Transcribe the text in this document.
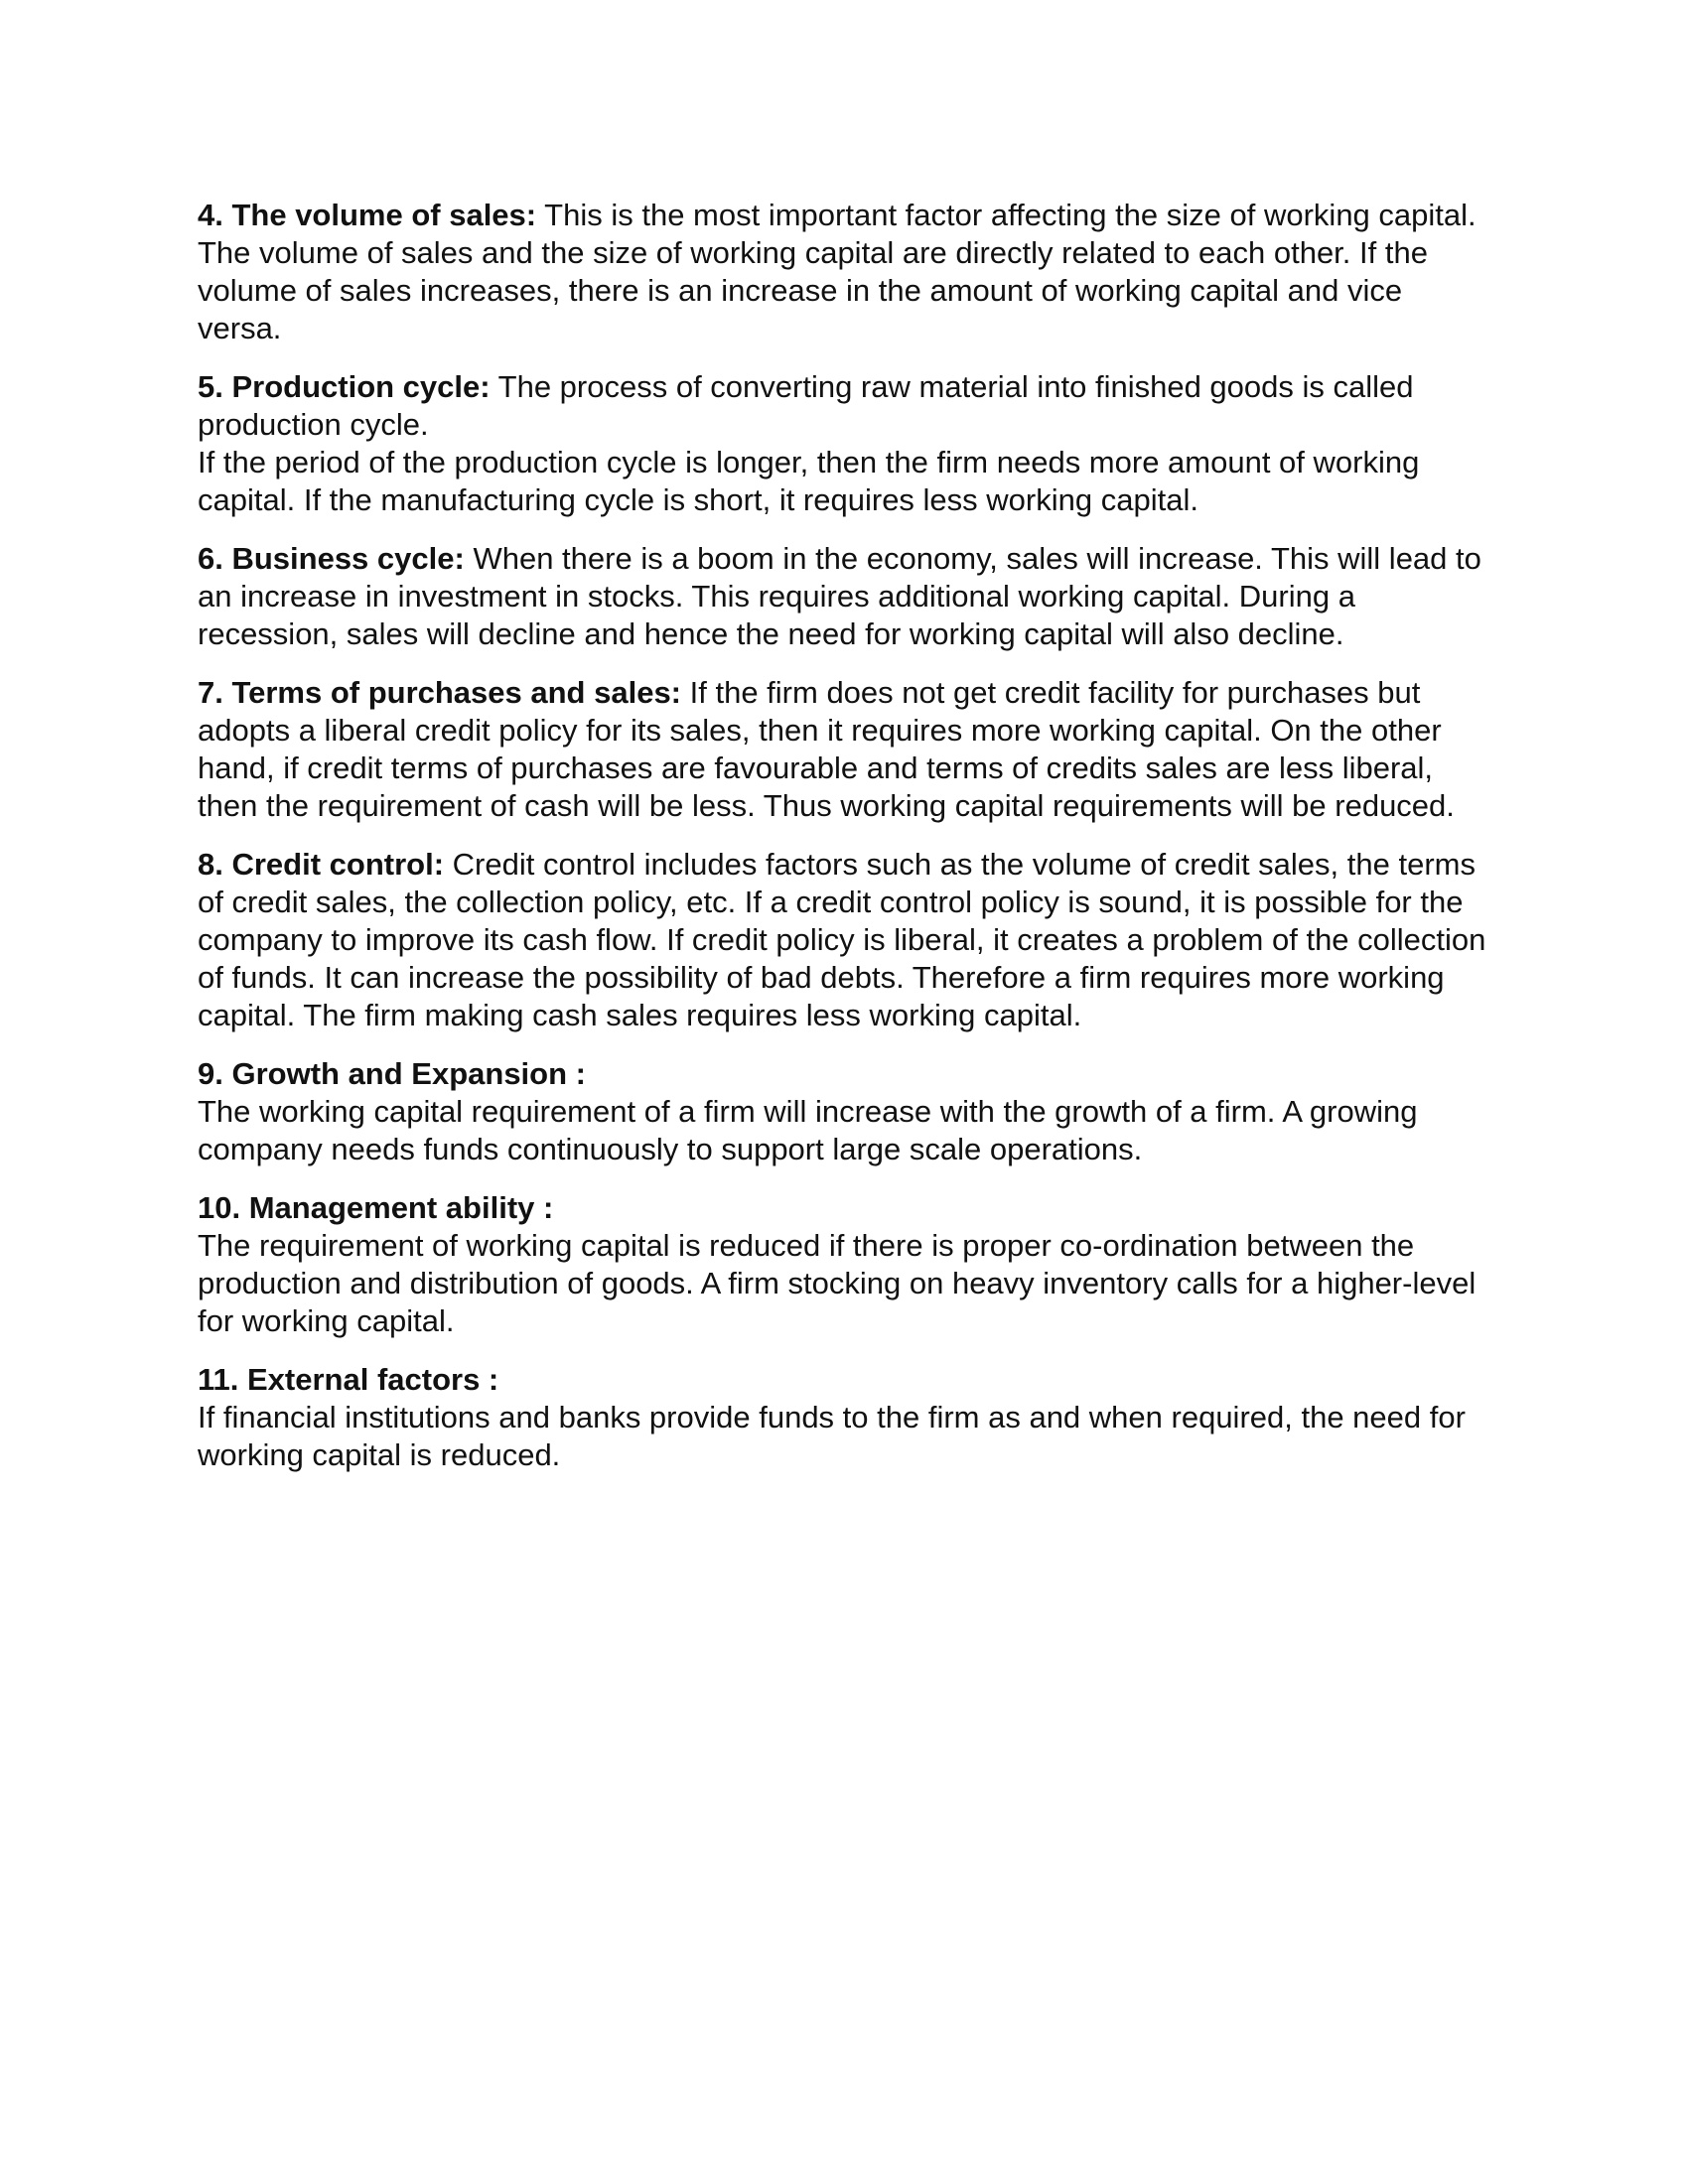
4. The volume of sales: This is the most important factor affecting the size of working capital. The volume of sales and the size of working capital are directly related to each other. If the volume of sales increases, there is an increase in the amount of working capital and vice versa.

5. Production cycle: The process of converting raw material into finished goods is called production cycle.

If the period of the production cycle is longer, then the firm needs more amount of working capital. If the manufacturing cycle is short, it requires less working capital.

6. Business cycle: When there is a boom in the economy, sales will increase. This will lead to an increase in investment in stocks. This requires additional working capital. During a recession, sales will decline and hence the need for working capital will also decline.

7. Terms of purchases and sales: If the firm does not get credit facility for purchases but adopts a liberal credit policy for its sales, then it requires more working capital. On the other hand, if credit terms of purchases are favourable and terms of credits sales are less liberal, then the requirement of cash will be less. Thus working capital requirements will be reduced.

8. Credit control: Credit control includes factors such as the volume of credit sales, the terms of credit sales, the collection policy, etc. If a credit control policy is sound, it is possible for the company to improve its cash flow. If credit policy is liberal, it creates a problem of the collection of funds. It can increase the possibility of bad debts. Therefore a firm requires more working capital. The firm making cash sales requires less working capital.

9. Growth and Expansion :
The working capital requirement of a firm will increase with the growth of a firm. A growing company needs funds continuously to support large scale operations.

10. Management ability :
The requirement of working capital is reduced if there is proper co-ordination between the production and distribution of goods. A firm stocking on heavy inventory calls for a higher-level for working capital.

11. External factors :
If financial institutions and banks provide funds to the firm as and when required, the need for working capital is reduced.
